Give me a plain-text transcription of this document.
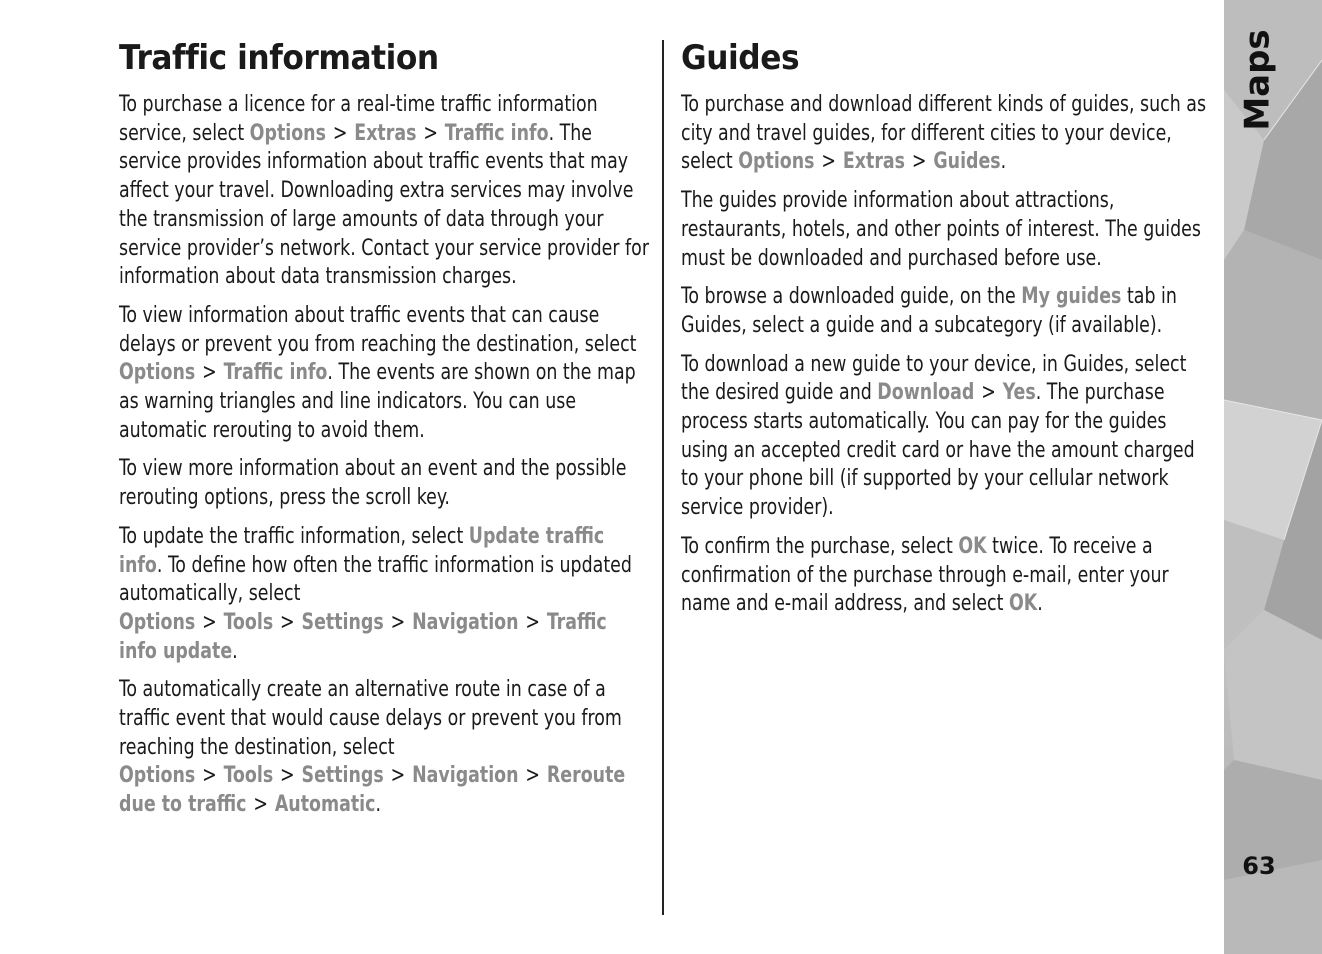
Traffic information

To purchase a licence for a real-time traffic information service, select Options > Extras > Traffic info. The service provides information about traffic events that may affect your travel. Downloading extra services may involve the transmission of large amounts of data through your service provider’s network. Contact your service provider for information about data transmission charges.

To view information about traffic events that can cause delays or prevent you from reaching the destination, select Options > Traffic info. The events are shown on the map as warning triangles and line indicators. You can use automatic rerouting to avoid them.

To view more information about an event and the possible rerouting options, press the scroll key.

To update the traffic information, select Update traffic info. To define how often the traffic information is updated automatically, select Options > Tools > Settings > Navigation > Traffic info update.

To automatically create an alternative route in case of a traffic event that would cause delays or prevent you from reaching the destination, select Options > Tools > Settings > Navigation > Reroute due to traffic > Automatic.

Guides

To purchase and download different kinds of guides, such as city and travel guides, for different cities to your device, select Options > Extras > Guides.

The guides provide information about attractions, restaurants, hotels, and other points of interest. The guides must be downloaded and purchased before use.

To browse a downloaded guide, on the My guides tab in Guides, select a guide and a subcategory (if available).

To download a new guide to your device, in Guides, select the desired guide and Download > Yes. The purchase process starts automatically. You can pay for the guides using an accepted credit card or have the amount charged to your phone bill (if supported by your cellular network service provider).

To confirm the purchase, select OK twice. To receive a confirmation of the purchase through e-mail, enter your name and e-mail address, and select OK.

Maps
63
